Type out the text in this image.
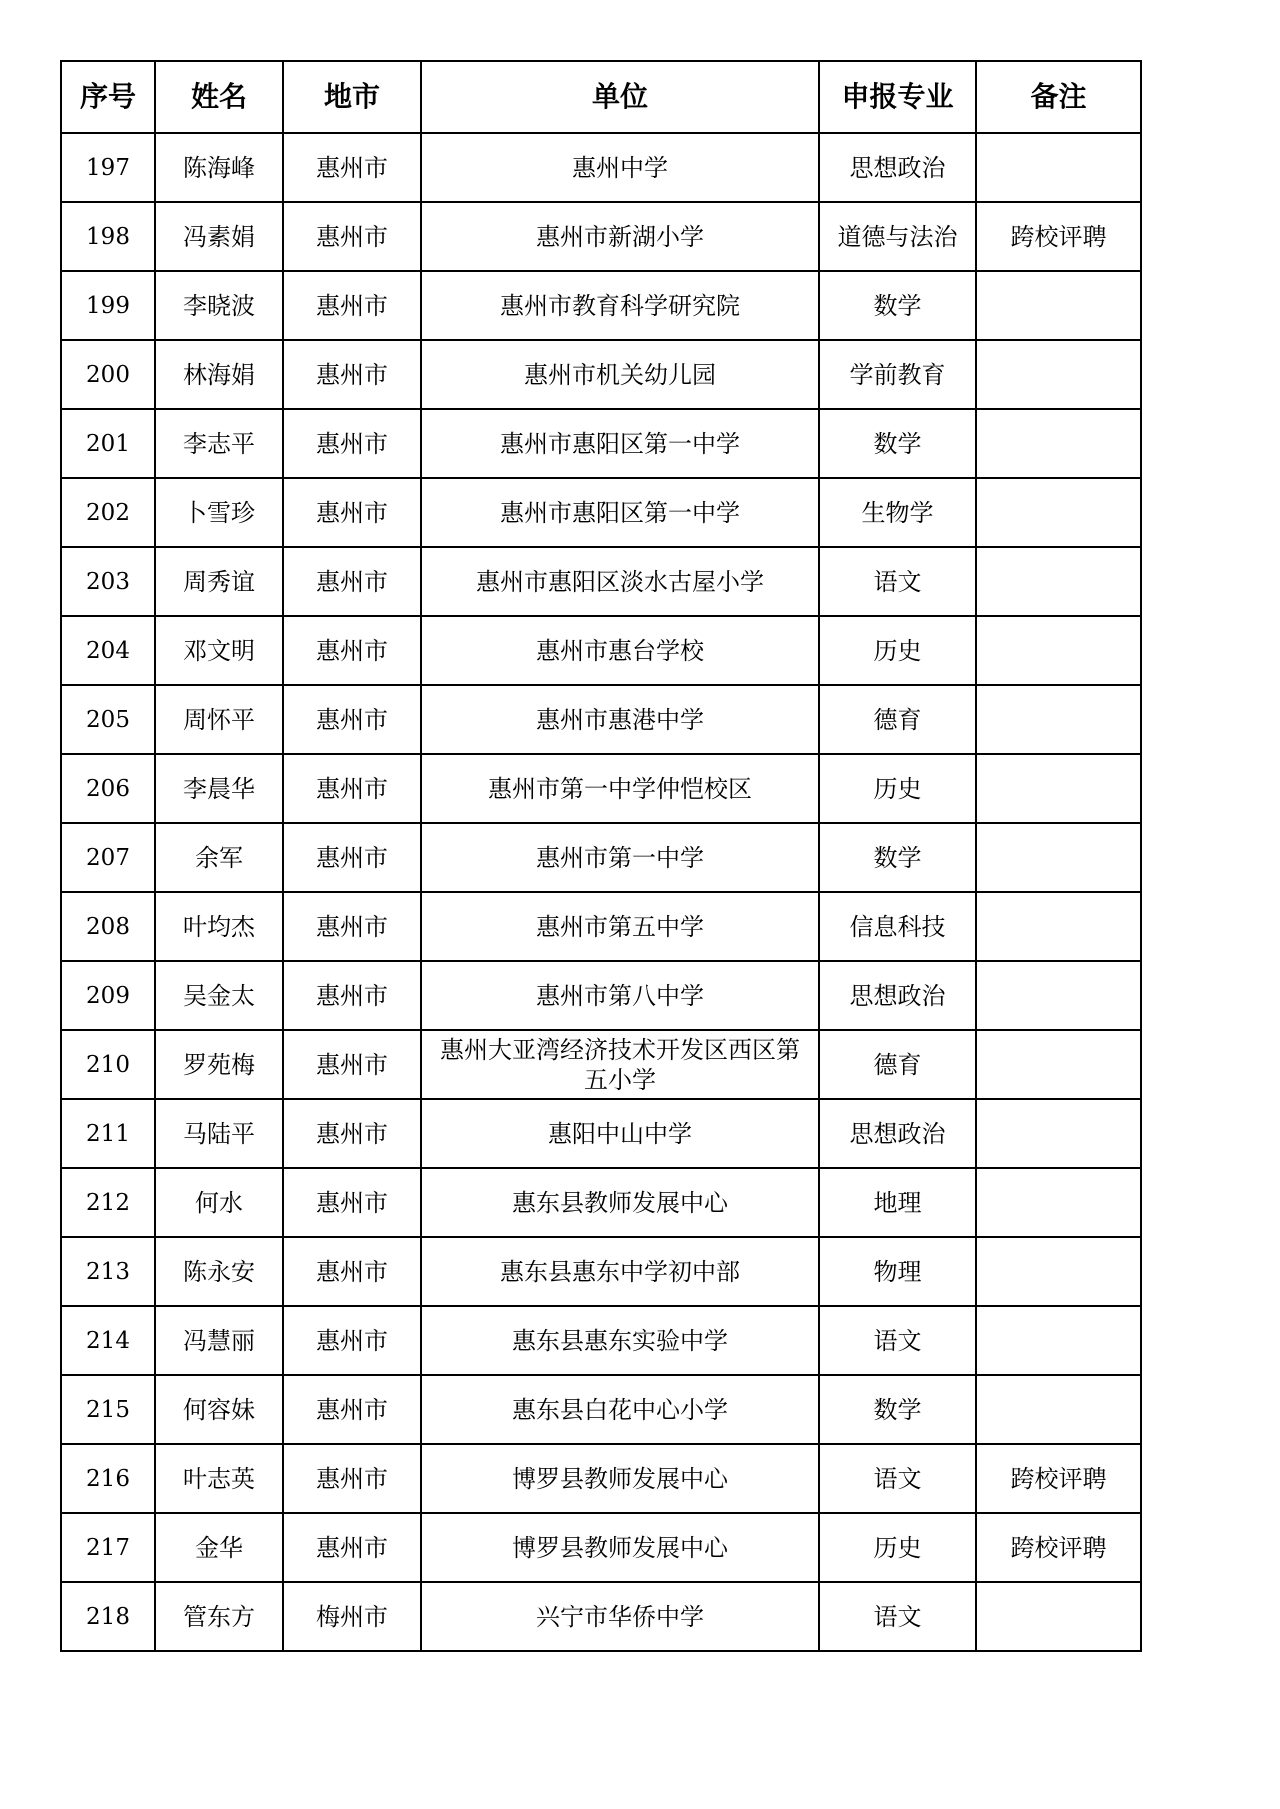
序号	姓名	地市	单位	申报专业	备注
197	陈海峰	惠州市	惠州中学	思想政治	
198	冯素娟	惠州市	惠州市新湖小学	道德与法治	跨校评聘
199	李晓波	惠州市	惠州市教育科学研究院	数学	
200	林海娟	惠州市	惠州市机关幼儿园	学前教育	
201	李志平	惠州市	惠州市惠阳区第一中学	数学	
202	卜雪珍	惠州市	惠州市惠阳区第一中学	生物学	
203	周秀谊	惠州市	惠州市惠阳区淡水古屋小学	语文	
204	邓文明	惠州市	惠州市惠台学校	历史	
205	周怀平	惠州市	惠州市惠港中学	德育	
206	李晨华	惠州市	惠州市第一中学仲恺校区	历史	
207	余军	惠州市	惠州市第一中学	数学	
208	叶均杰	惠州市	惠州市第五中学	信息科技	
209	吴金太	惠州市	惠州市第八中学	思想政治	
210	罗苑梅	惠州市	惠州大亚湾经济技术开发区西区第五小学	德育	
211	马陆平	惠州市	惠阳中山中学	思想政治	
212	何水	惠州市	惠东县教师发展中心	地理	
213	陈永安	惠州市	惠东县惠东中学初中部	物理	
214	冯慧丽	惠州市	惠东县惠东实验中学	语文	
215	何容妹	惠州市	惠东县白花中心小学	数学	
216	叶志英	惠州市	博罗县教师发展中心	语文	跨校评聘
217	金华	惠州市	博罗县教师发展中心	历史	跨校评聘
218	管东方	梅州市	兴宁市华侨中学	语文	
